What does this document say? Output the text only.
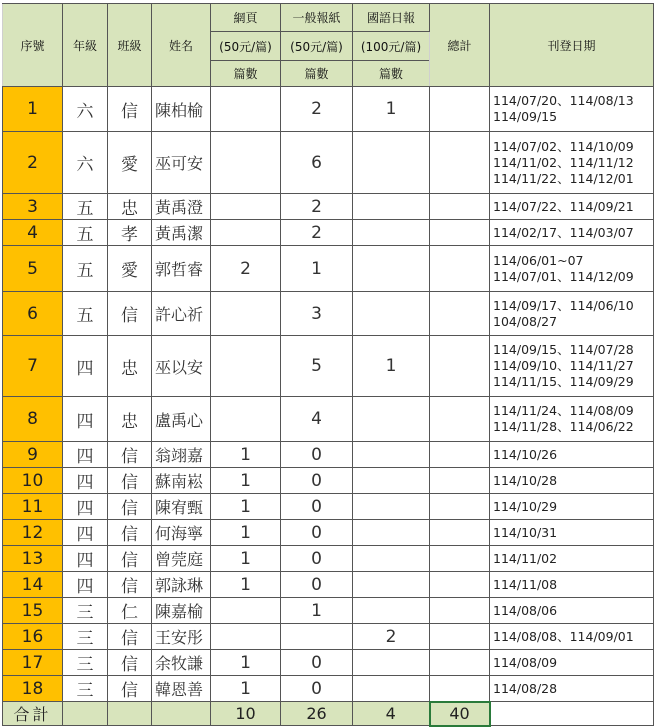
序號	年級	班級	姓名	網頁	一般報紙	國語日報	總計	刊登日期
				(50元/篇)	(50元/篇)	(100元/篇)		
				篇數	篇數	篇數		
1	六	信	陳柏榆		2	1		114/07/20、114/08/13
114/09/15

2	六	愛	巫可安		6			114/07/02、114/10/09
114/11/02、114/11/12
114/11/22、114/12/01

3	五	忠	黃禹澄		2			114/07/22、114/09/21

4	五	孝	黃禹潔		2			114/02/17、114/03/07

5	五	愛	郭哲睿	2	1			114/06/01~07
114/07/01、114/12/09

6	五	信	許心祈		3			114/09/17、114/06/10
104/08/27

7	四	忠	巫以安		5	1		114/09/15、114/07/28
114/09/10、114/11/27
114/11/15、114/09/29

8	四	忠	盧禹心		4			114/11/24、114/08/09
114/11/28、114/06/22

9	四	信	翁翊嘉	1	0			114/10/26

10	四	信	蘇南崧	1	0			114/10/28

11	四	信	陳宥甄	1	0			114/10/29

12	四	信	何海寧	1	0			114/10/31

13	四	信	曾莞庭	1	0			114/11/02

14	四	信	郭詠琳	1	0			114/11/08

15	三	仁	陳嘉榆		1			114/08/06

16	三	信	王安彤			2		114/08/08、114/09/01

17	三	信	余牧謙	1	0			114/08/09

18	三	信	韓恩善	1	0			114/08/28

合計				10	26	4	40	
